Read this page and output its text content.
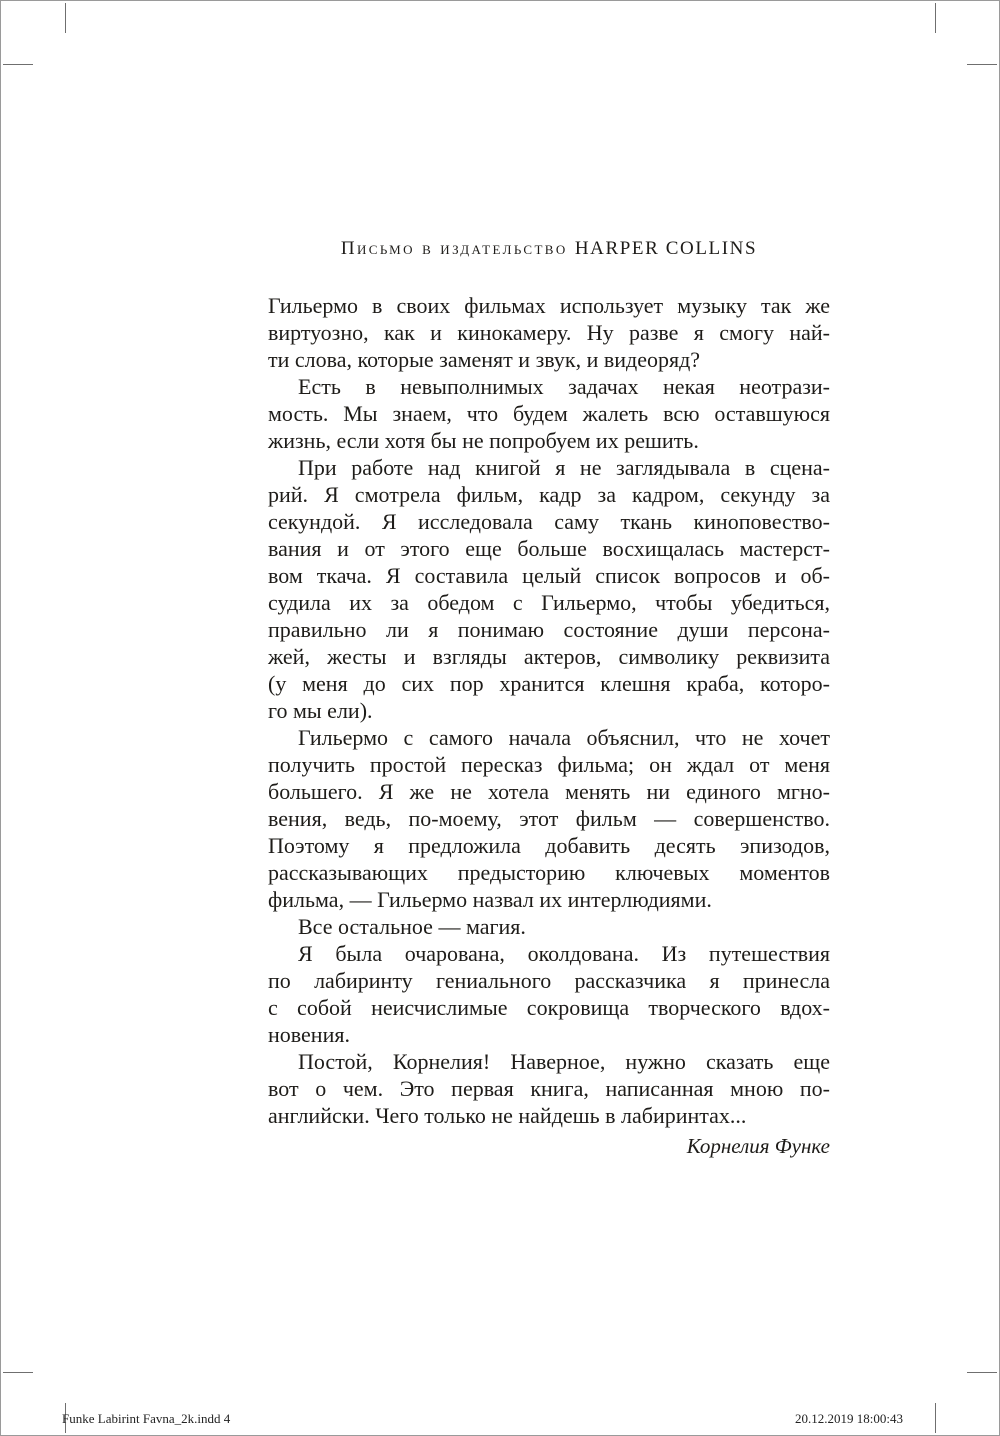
Письмо в издательство HARPER COLLINS
Гильермо в своих фильмах использует музыку так же
виртуозно, как и кинокамеру. Ну разве я смогу най-
ти слова, которые заменят и звук, и видеоряд?
Есть в невыполнимых задачах некая неотрази-
мость. Мы знаем, что будем жалеть всю оставшуюся
жизнь, если хотя бы не попробуем их решить.
При работе над книгой я не заглядывала в сцена-
рий. Я смотрела фильм, кадр за кадром, секунду за
секундой. Я исследовала саму ткань киноповество-
вания и от этого еще больше восхищалась мастерст-
вом ткача. Я составила целый список вопросов и об-
судила их за обедом с Гильермо, чтобы убедиться,
правильно ли я понимаю состояние души персона-
жей, жесты и взгляды актеров, символику реквизита
(у меня до сих пор хранится клешня краба, которо-
го мы ели).
Гильермо с самого начала объяснил, что не хочет
получить простой пересказ фильма; он ждал от меня
большего. Я же не хотела менять ни единого мгно-
вения, ведь, по-моему, этот фильм — совершенство.
Поэтому я предложила добавить десять эпизодов,
рассказывающих предысторию ключевых моментов
фильма, — Гильермо назвал их интерлюдиями.
Все остальное — магия.
Я была очарована, околдована. Из путешествия
по лабиринту гениального рассказчика я принесла
с собой неисчислимые сокровища творческого вдох-
новения.
Постой, Корнелия! Наверное, нужно сказать еще
вот о чем. Это первая книга, написанная мною по-
английски. Чего только не найдешь в лабиринтах...
Корнелия Функе
Funke Labirint Favna_2k.indd 4	20.12.2019 18:00:43
